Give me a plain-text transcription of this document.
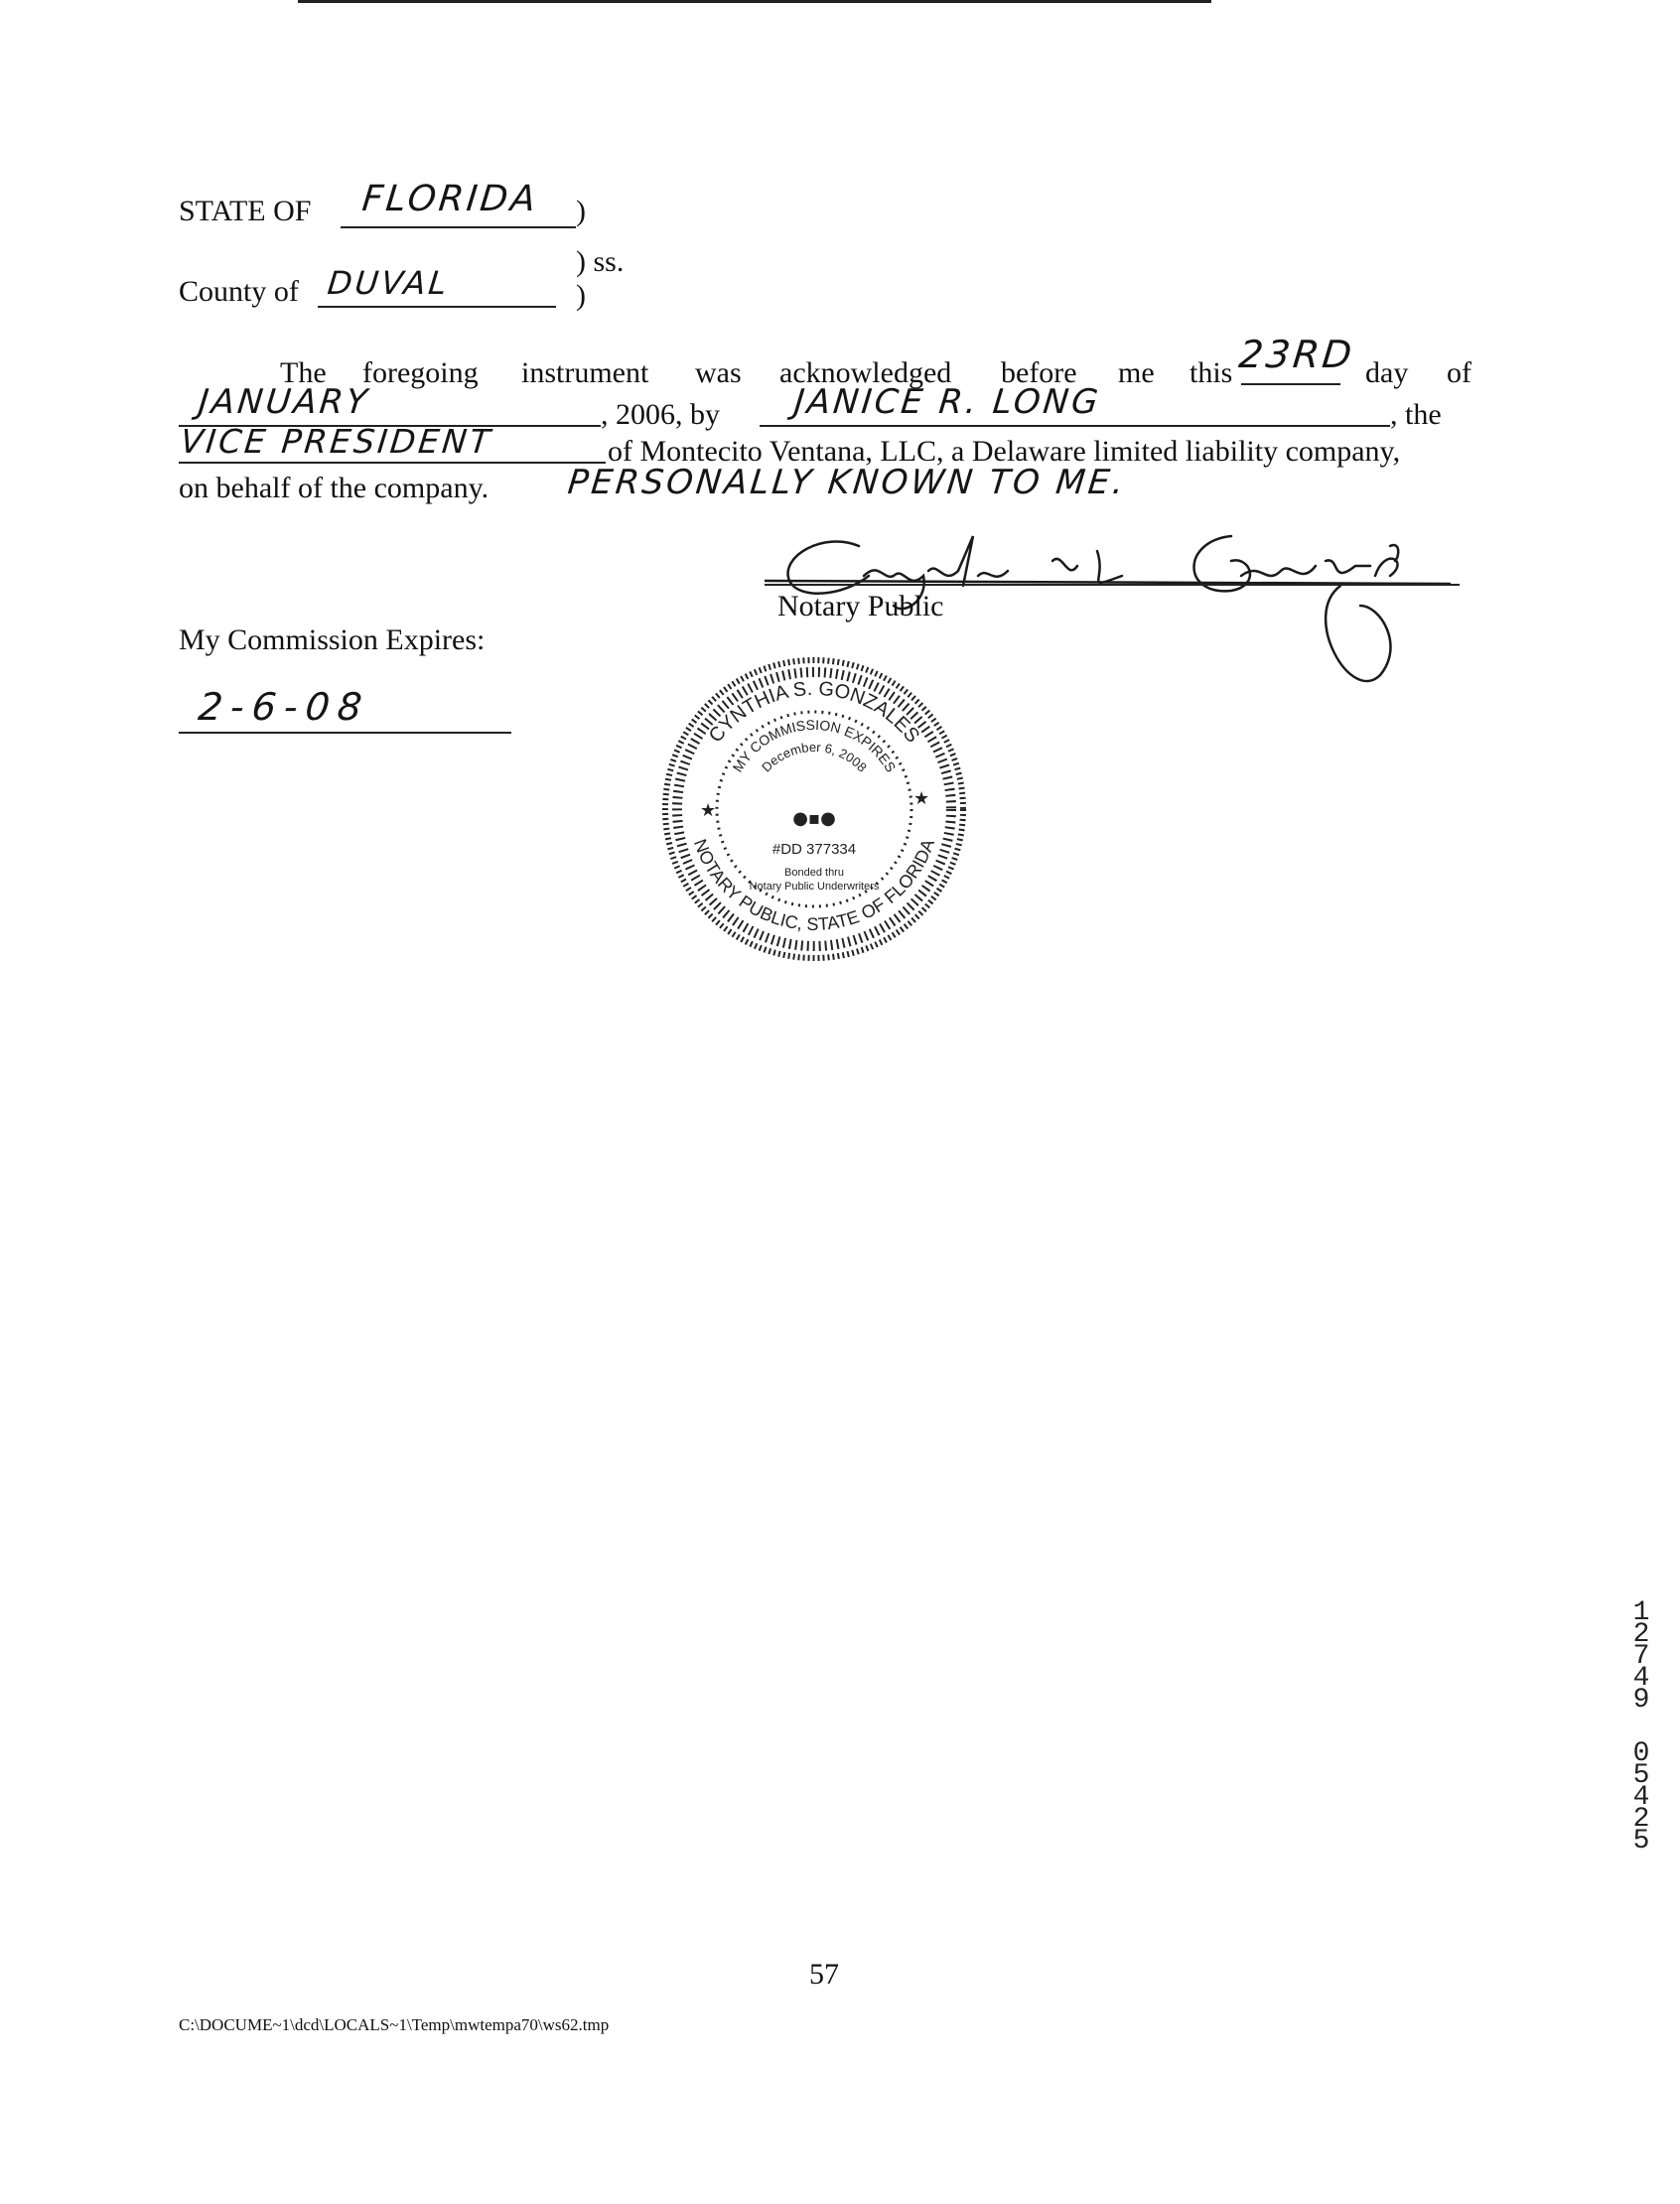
STATE OF FLORIDA )
) ss.
County of DUVAL	)
The foregoing instrument was acknowledged before me this 23RD day of
JANUARY	, 2006, by JANICE R. LONG	, the
VICE PRESIDENT	of Montecito Ventana, LLC, a Delaware limited liability company,
on behalf of the company. PERSONALLY KNOWN TO ME.
Notary Public
My Commission Expires:
2-6-08
CYNTHIA S. GONZALES
NOTARY PUBLIC, STATE OF FLORIDA
MY COMMISSION EXPIRES
December 6, 2008
★
★
●▪●
#DD 377334
Bonded thru
Notary Public Underwriters
1
2
7
4
9
0
5
4
2
5
57
C:\DOCUME~1\dcd\LOCALS~1\Temp\mwtempa70\ws62.tmp
